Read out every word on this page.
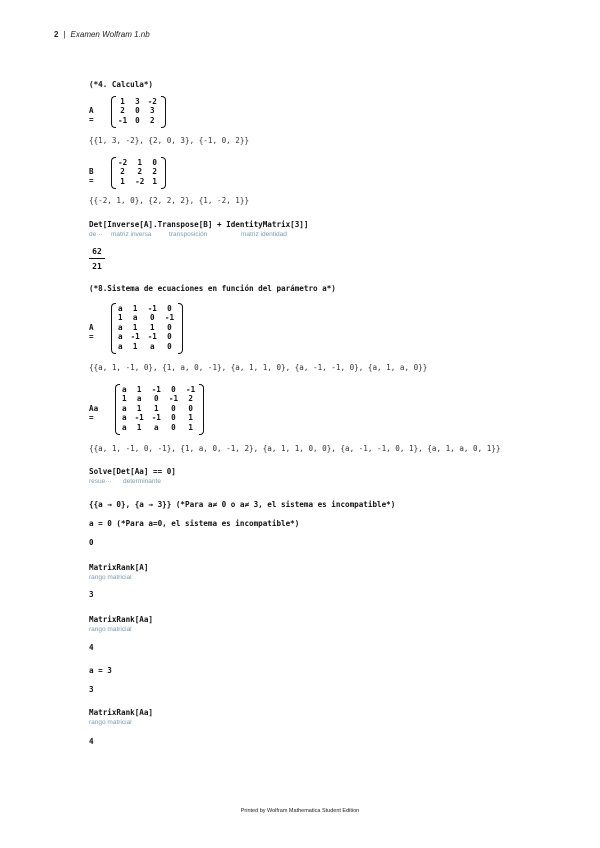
2 | Examen Wolfram 1.nb
(*4. Calcula*)
A =
1	3	-2
2	0	3
-1	0	2
{{1, 3, -2}, {2, 0, 3}, {-1, 0, 2}}
B =
-2	1	0
2	2	2
1	-2	1
{{-2, 1, 0}, {2, 2, 2}, {1, -2, 1}}
Det[Inverse[A].Transpose[B] + IdentityMatrix[3]]
de··· matriz inversa	transposición	matriz identidad
$\frac{62}{21}$
(*8.Sistema de ecuaciones en función del parámetro a*)
A =
a	1	-1	0
1	a	0	-1
a	1	1	0
a	-1	-1	0
a	1	a	0
{{a, 1, -1, 0}, {1, a, 0, -1}, {a, 1, 1, 0}, {a, -1, -1, 0}, {a, 1, a, 0}}
Aa =
a	1	-1	0	-1
1	a	0	-1	2
a	1	1	0	0
a	-1	-1	0	1
a	1	a	0	1
{{a, 1, -1, 0, -1}, {1, a, 0, -1, 2}, {a, 1, 1, 0, 0}, {a, -1, -1, 0, 1}, {a, 1, a, 0, 1}}
Solve[Det[Aa] == 0]
resue··· determinante
{{a → 0}, {a → 3}} (*Para a≠ 0 o a≠ 3, el sistema es incompatible*)
a = 0 (*Para a=0, el sistema es incompatible*)
0
MatrixRank[A]
rango matricial
3
MatrixRank[Aa]
rango matricial
4
a = 3
3
MatrixRank[Aa]
rango matricial
4
Printed by Wolfram Mathematica Student Edition
